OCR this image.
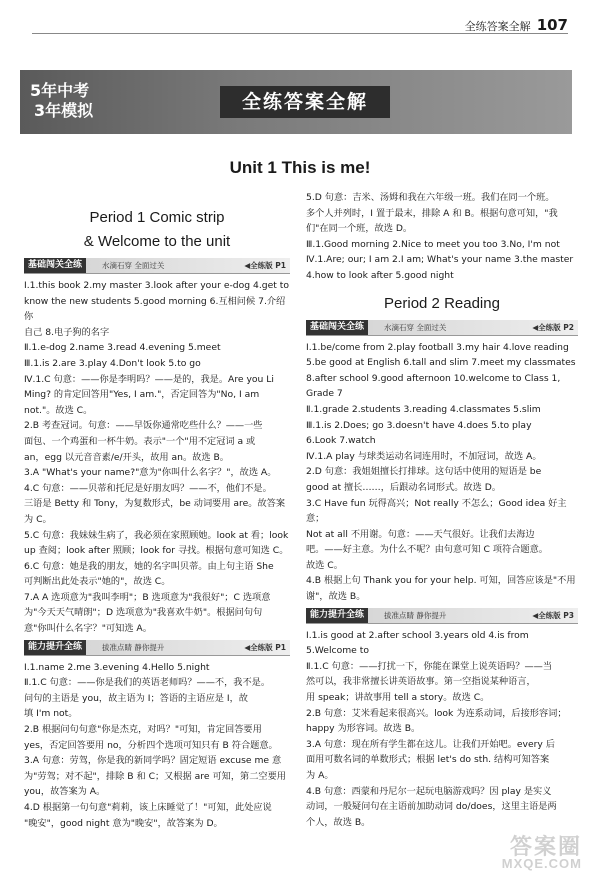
全练答案全解 107
5年中考
3年模拟	全练答案全解
Unit 1 This is me!
Period 1 Comic strip
& Welcome to the unit
基础闯关全练	水滴石穿 全面过关	◀全练版 P1

Ⅰ.1.this book 2.my master 3.look after your e-dog 4.get to

know the new students 5.good morning 6.互相问候 7.介绍你

自己 8.电子狗的名字

Ⅱ.1.e-dog 2.name 3.read 4.evening 5.meet

Ⅲ.1.is 2.are 3.play 4.Don't look 5.to go

Ⅳ.1.C 句意：——你是李明吗？——是的，我是。Are you Li

Ming? 的肯定回答用"Yes, I am."，否定回答为"No, I am

not."。故选 C。

2.B 考查冠词。句意：——早饭你通常吃些什么？——一些

面包、一个鸡蛋和一杯牛奶。表示"一个"用不定冠词 a 或

an，egg 以元音音素/e/开头，故用 an。故选 B。

3.A "What's your name?"意为"你叫什么名字？"，故选 A。

4.C 句意：——贝蒂和托尼是好朋友吗？——不，他们不是。

三语是 Betty 和 Tony，为复数形式，be 动词要用 are。故答案

为 C。

5.C 句意：我妹妹生病了，我必须在家照顾她。look at 看；look

up 查阅；look after 照顾；look for 寻找。根据句意可知选 C。

6.C 句意：她是我的朋友，她的名字叫贝蒂。由上句主语 She

可判断出此处表示"她的"，故选 C。

7.A A 选项意为"我叫李明"；B 选项意为"我很好"；C 选项意

为"今天天气晴朗"；D 选项意为"我喜欢牛奶"。根据问句句

意"你叫什么名字？"可知选 A。

能力提升全练	拔准点睛 静你提升	◀全练版 P1

Ⅰ.1.name 2.me 3.evening 4.Hello 5.night

Ⅱ.1.C 句意：——你是我们的英语老师吗？——不，我不是。

问句的主语是 you，故主语为 I；答语的主语应是 I，故

填 I'm not。

2.B 根据问句句意"你是杰克，对吗？"可知，肯定回答要用

yes，否定回答要用 no，分析四个选项可知只有 B 符合题意。

3.A 句意：劳驾，你是我的新同学吗？固定短语 excuse me 意

为"劳驾；对不起"，排除 B 和 C；又根据 are 可知，第二空要用

you，故答案为 A。

4.D 根据第一句句意"莉莉，该上床睡觉了！"可知，此处应说

"晚安"，good night 意为"晚安"，故答案为 D。

5.D 句意：吉米、汤姆和我在六年级一班。我们在同一个班。

多个人并列时，I 置于最末，排除 A 和 B。根据句意可知，"我

们"在同一个班，故选 D。

Ⅲ.1.Good morning 2.Nice to meet you too 3.No, I'm not

Ⅳ.1.Are; our; I am 2.I am; What's your name 3.the master

4.how to look after 5.good night

Period 2 Reading
基础闯关全练	水滴石穿 全面过关	◀全练版 P2

Ⅰ.1.be/come from 2.play football 3.my hair 4.love reading

5.be good at English 6.tall and slim 7.meet my classmates

8.after school 9.good afternoon 10.welcome to Class 1, Grade 7

Ⅱ.1.grade 2.students 3.reading 4.classmates 5.slim

Ⅲ.1.is 2.Does; go 3.doesn't have 4.does 5.to play

6.Look 7.watch

Ⅳ.1.A play 与球类运动名词连用时，不加冠词，故选 A。

2.D 句意：我姐姐擅长打排球。这句话中使用的短语是 be

good at 擅长……，后跟动名词形式。故选 D。

3.C Have fun 玩得高兴；Not really 不怎么；Good idea 好主意；

Not at all 不用谢。句意：——天气很好。让我们去海边

吧。——好主意。为什么不呢？由句意可知 C 项符合题意。

故选 C。

4.B 根据上句 Thank you for your help. 可知，回答应该是"不用

谢"，故选 B。

能力提升全练	拔准点睛 静你提升	◀全练版 P3

Ⅰ.1.is good at 2.after school 3.years old 4.is from

5.Welcome to

Ⅱ.1.C 句意：——打扰一下，你能在课堂上说英语吗？——当

然可以，我非常擅长讲英语故事。第一空指说某种语言，

用 speak；讲故事用 tell a story。故选 C。

2.B 句意：艾米看起来很高兴。look 为连系动词，后接形容词；

happy 为形容词。故选 B。

3.A 句意：现在所有学生都在这儿。让我们开始吧。every 后

面用可数名词的单数形式；根据 let's do sth. 结构可知答案

为 A。

4.B 句意：西蒙和丹尼尔一起玩电脑游戏吗？因 play 是实义

动词，一般疑问句在主语前加助动词 do/does，这里主语是两

个人，故选 B。

答案圈
MXQE.COM
